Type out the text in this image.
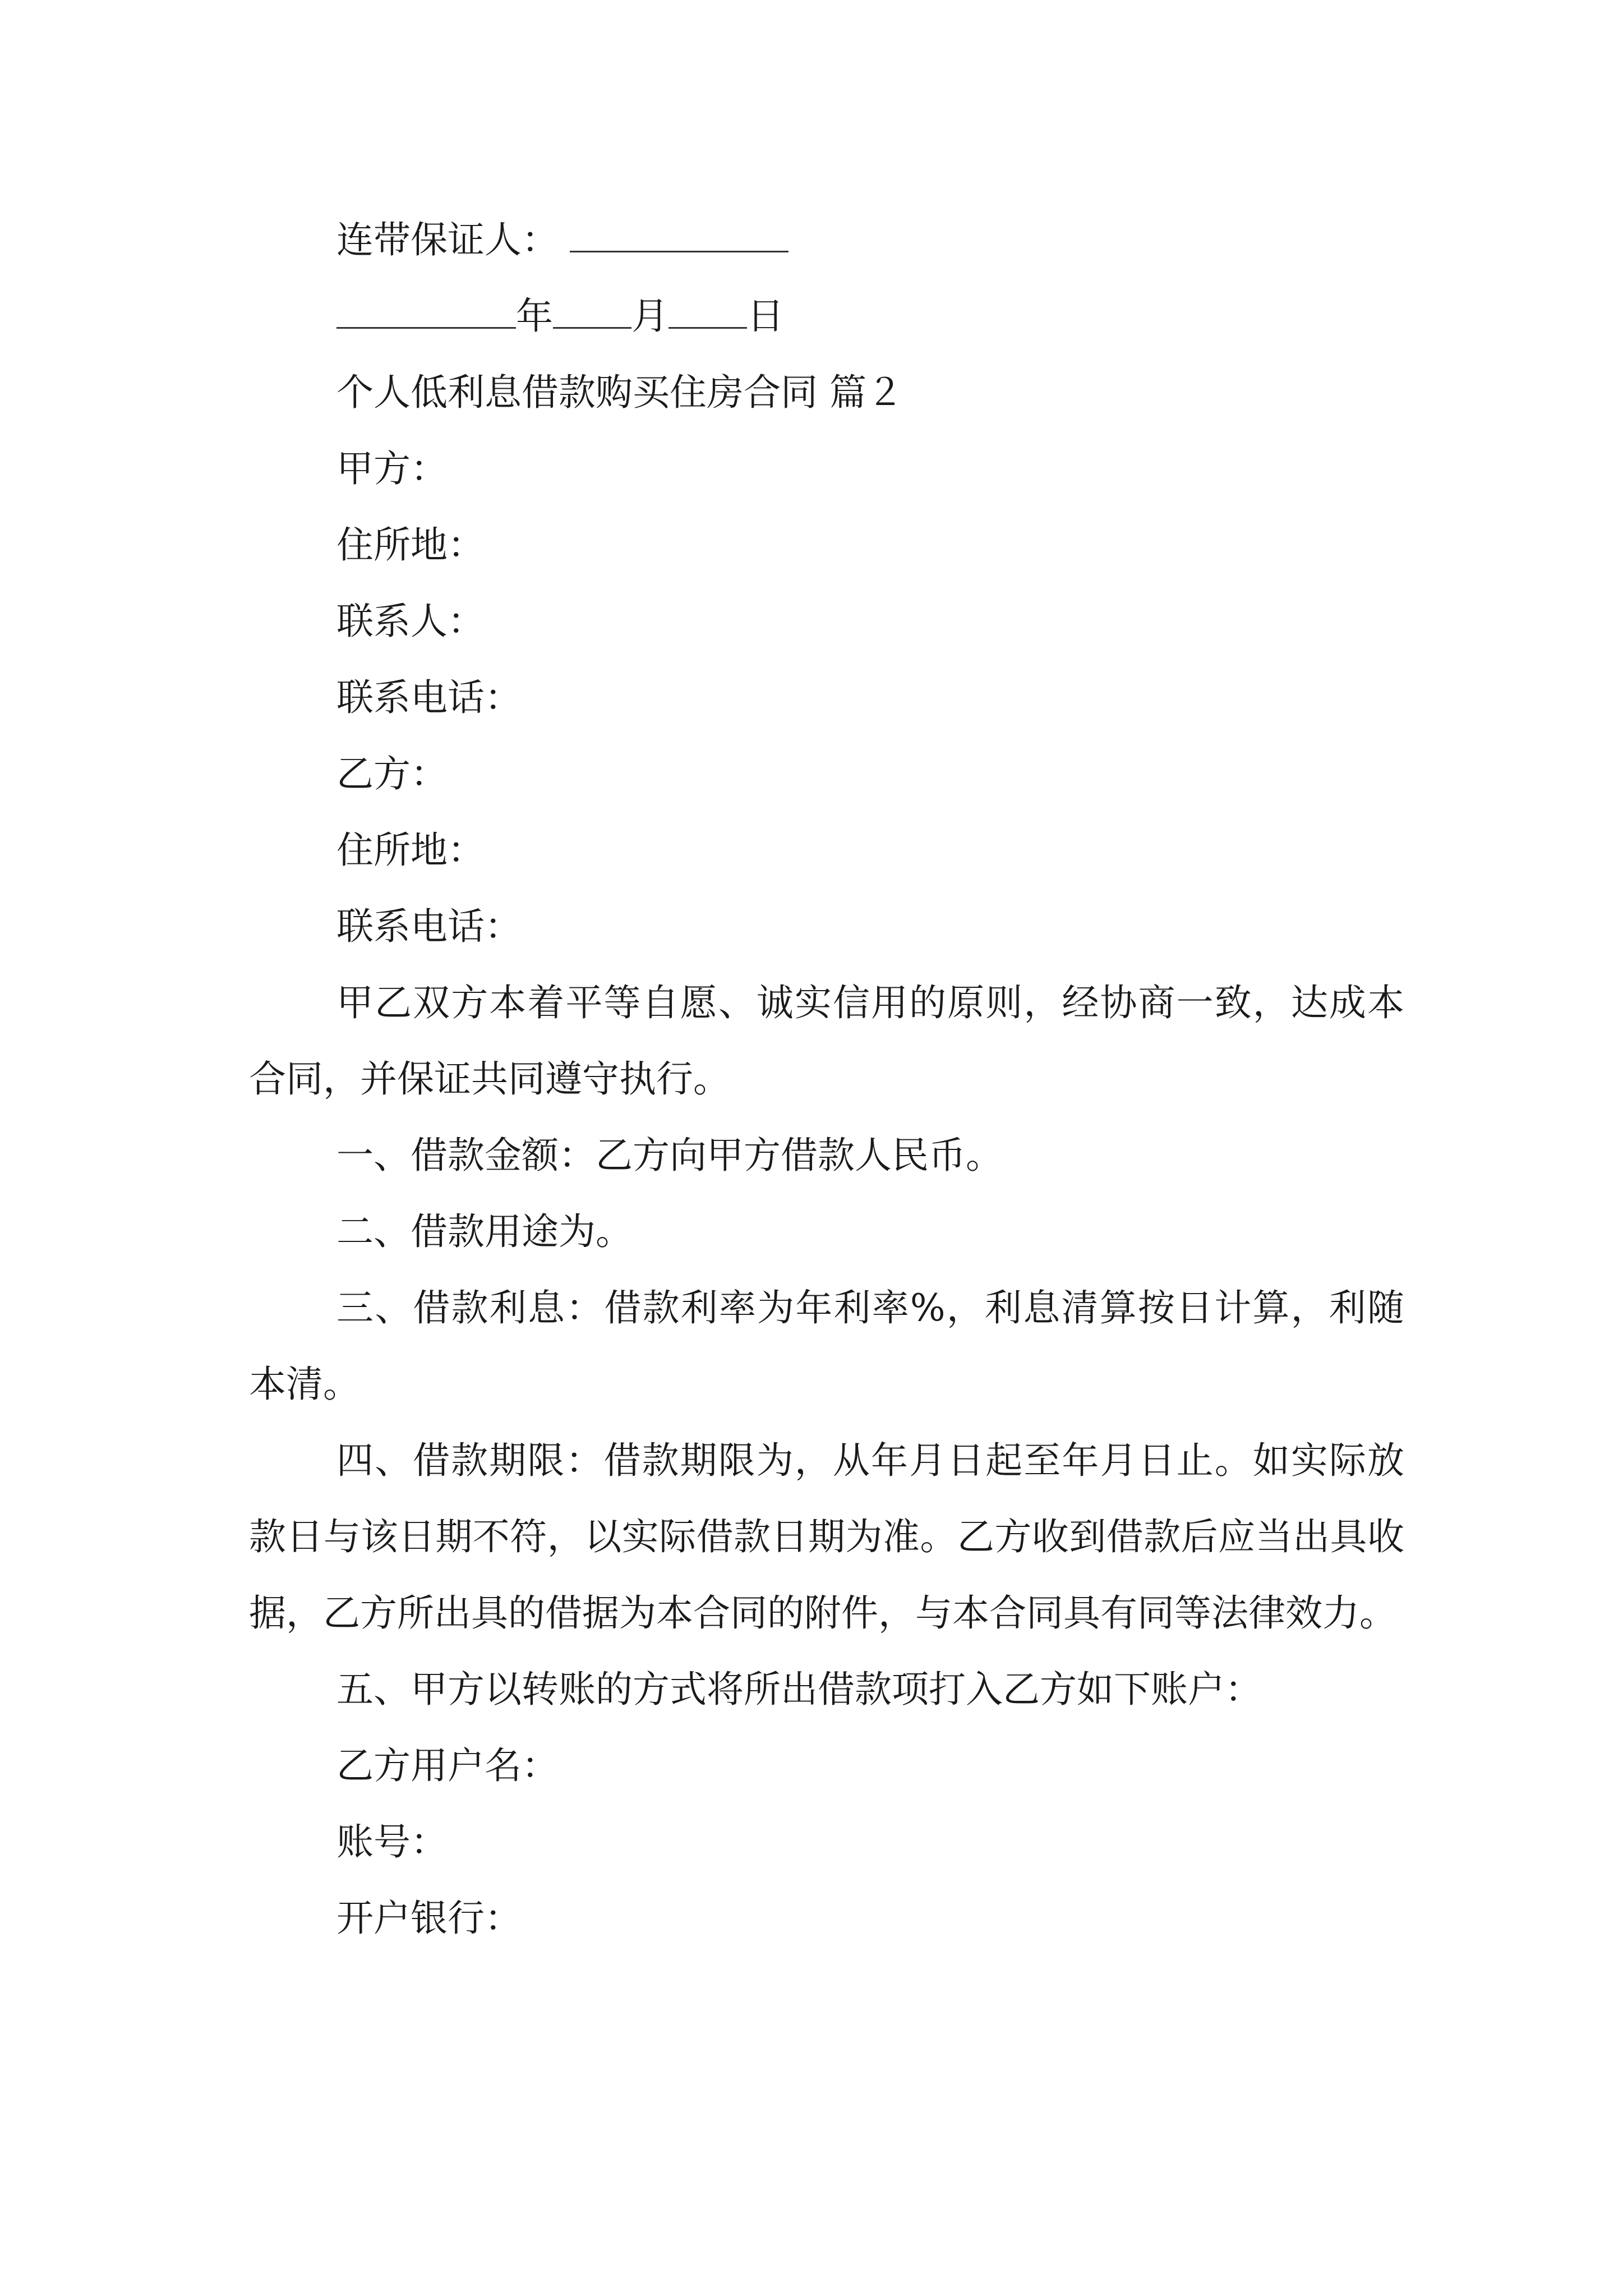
连带保证人：
年 月 日
个人低利息借款购买住房合同 篇２
甲方：
住所地：
联系人：
联系电话：
乙方：
住所地：
联系电话：
甲乙双方本着平等自愿、诚实信用的原则，经协商一致，达成本合同，并保证共同遵守执行。
一、借款金额：乙方向甲方借款人民币。
二、借款用途为。
三、借款利息：借款利率为年利率%，利息清算按日计算，利随本清。
四、借款期限：借款期限为，从年月日起至年月日止。如实际放款日与该日期不符，以实际借款日期为准。乙方收到借款后应当出具收据，乙方所出具的借据为本合同的附件，与本合同具有同等法律效力。
五、甲方以转账的方式将所出借款项打入乙方如下账户：
乙方用户名：
账号：
开户银行：
